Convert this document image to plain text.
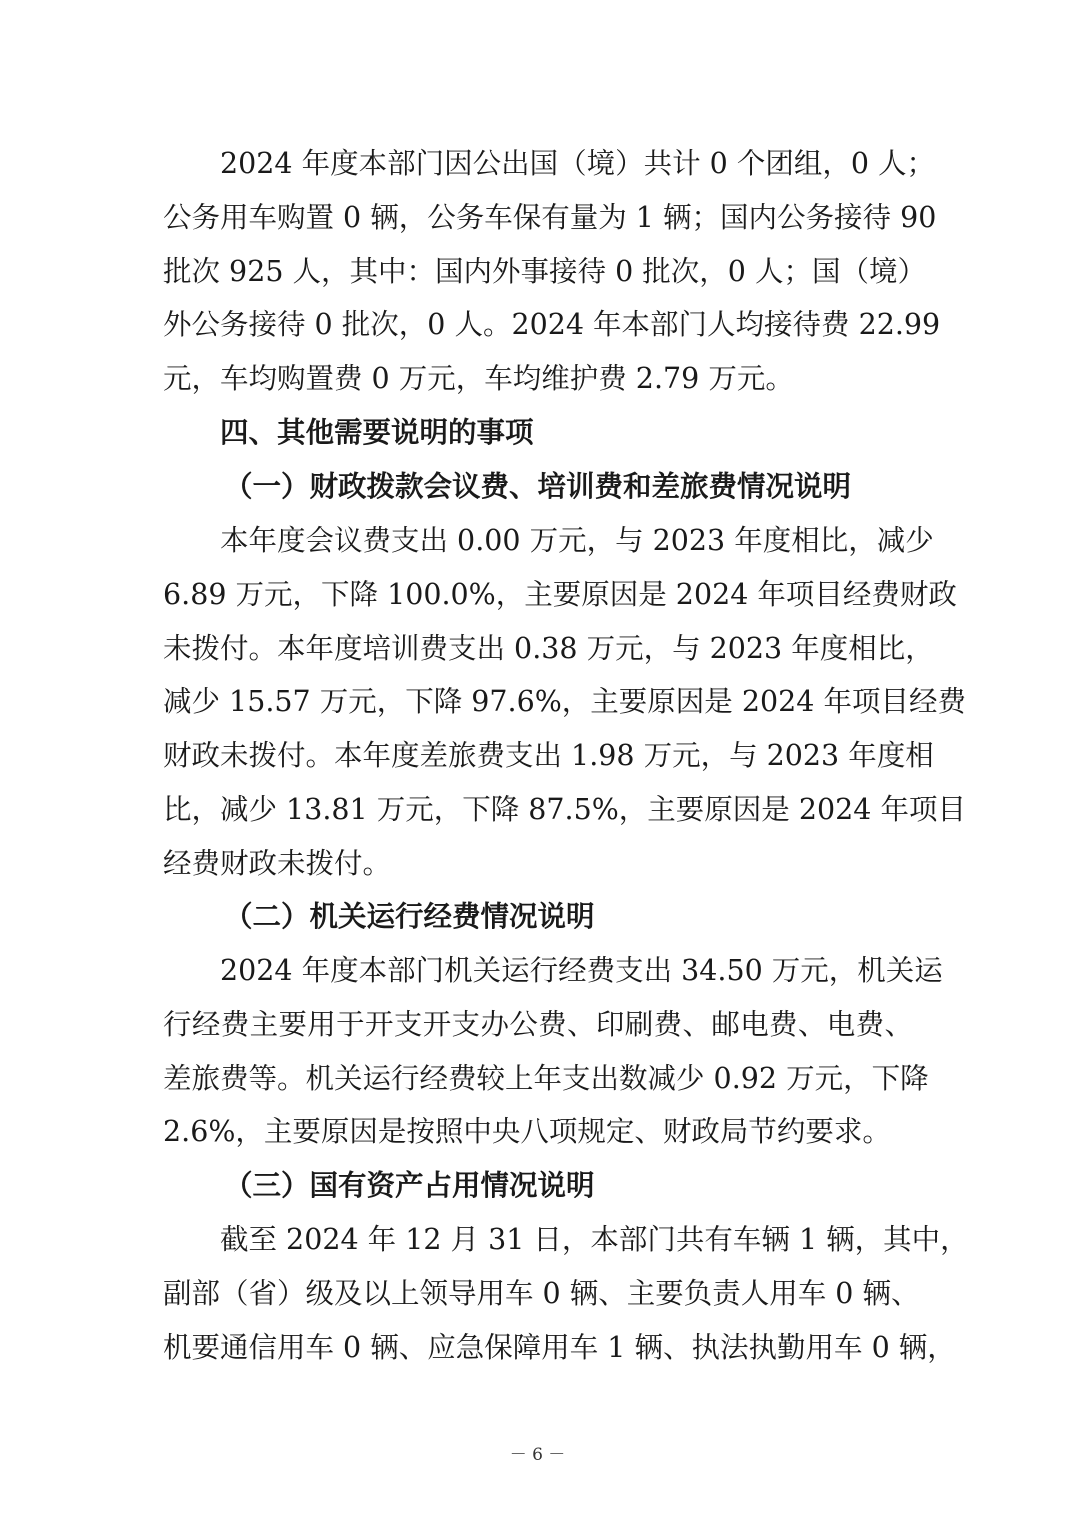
2024 年度本部门因公出国（境）共计 0 个团组，0 人；
公务用车购置 0 辆，公务车保有量为 1 辆；国内公务接待 90
批次 925 人，其中：国内外事接待 0 批次，0 人；国（境）
外公务接待 0 批次，0 人。2024 年本部门人均接待费 22.99
元，车均购置费 0 万元，车均维护费 2.79 万元。
四、其他需要说明的事项
（一）财政拨款会议费、培训费和差旅费情况说明
本年度会议费支出 0.00 万元，与 2023 年度相比，减少
6.89 万元，下降 100.0%，主要原因是 2024 年项目经费财政
未拨付。本年度培训费支出 0.38 万元，与 2023 年度相比，
减少 15.57 万元，下降 97.6%，主要原因是 2024 年项目经费
财政未拨付。本年度差旅费支出 1.98 万元，与 2023 年度相
比，减少 13.81 万元，下降 87.5%，主要原因是 2024 年项目
经费财政未拨付。
（二）机关运行经费情况说明
2024 年度本部门机关运行经费支出 34.50 万元，机关运
行经费主要用于开支开支办公费、印刷费、邮电费、电费、
差旅费等。机关运行经费较上年支出数减少 0.92 万元，下降
2.6%，主要原因是按照中央八项规定、财政局节约要求。
（三）国有资产占用情况说明
截至 2024 年 12 月 31 日，本部门共有车辆 1 辆，其中，
副部（省）级及以上领导用车 0 辆、主要负责人用车 0 辆、
机要通信用车 0 辆、应急保障用车 1 辆、执法执勤用车 0 辆，
－ 6 －
